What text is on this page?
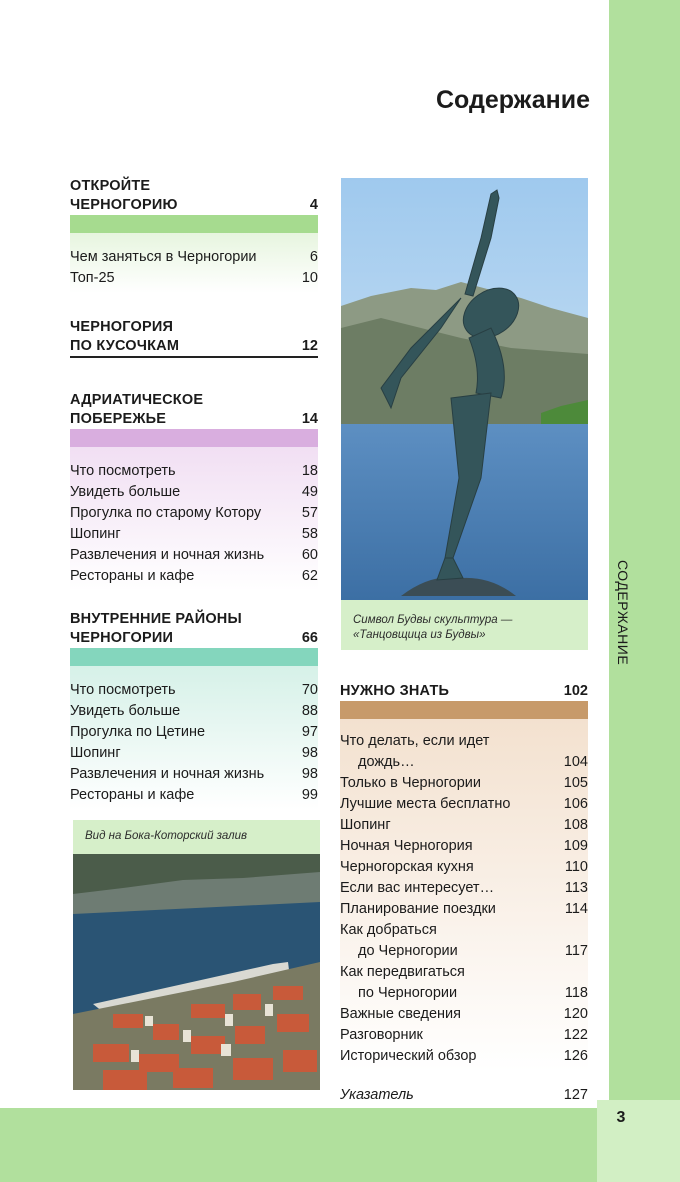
3
СОДЕРЖАНИЕ
Содержание
ОТКРОЙТЕ
ЧЕРНОГОРИЮ	4
Чем заняться в Черногории	6
Топ-25	10
ЧЕРНОГОРИЯ
ПО КУСОЧКАМ	12
АДРИАТИЧЕСКОЕ
ПОБЕРЕЖЬЕ	14
Что посмотреть	18
Увидеть больше	49
Прогулка по старому Котору	57
Шопинг	58
Развлечения и ночная жизнь	60
Рестораны и кафе	62
ВНУТРЕННИЕ РАЙОНЫ
ЧЕРНОГОРИИ	66
Что посмотреть	70
Увидеть больше	88
Прогулка по Цетине	97
Шопинг	98
Развлечения и ночная жизнь	98
Рестораны и кафе	99
Символ Будвы скульптура — «Танцовщица из Будвы»
НУЖНО ЗНАТЬ	102
Что делать, если идет
дождь…	104
Только в Черногории	105
Лучшие места бесплатно	106
Шопинг	108
Ночная Черногория	109
Черногорская кухня	110
Если вас интересует…	113
Планирование поездки	114
Как добраться
до Черногории	117
Как передвигаться
по Черногории	118
Важные сведения	120
Разговорник	122
Исторический обзор	126
Указатель	127
Вид на Бока-Которский залив
